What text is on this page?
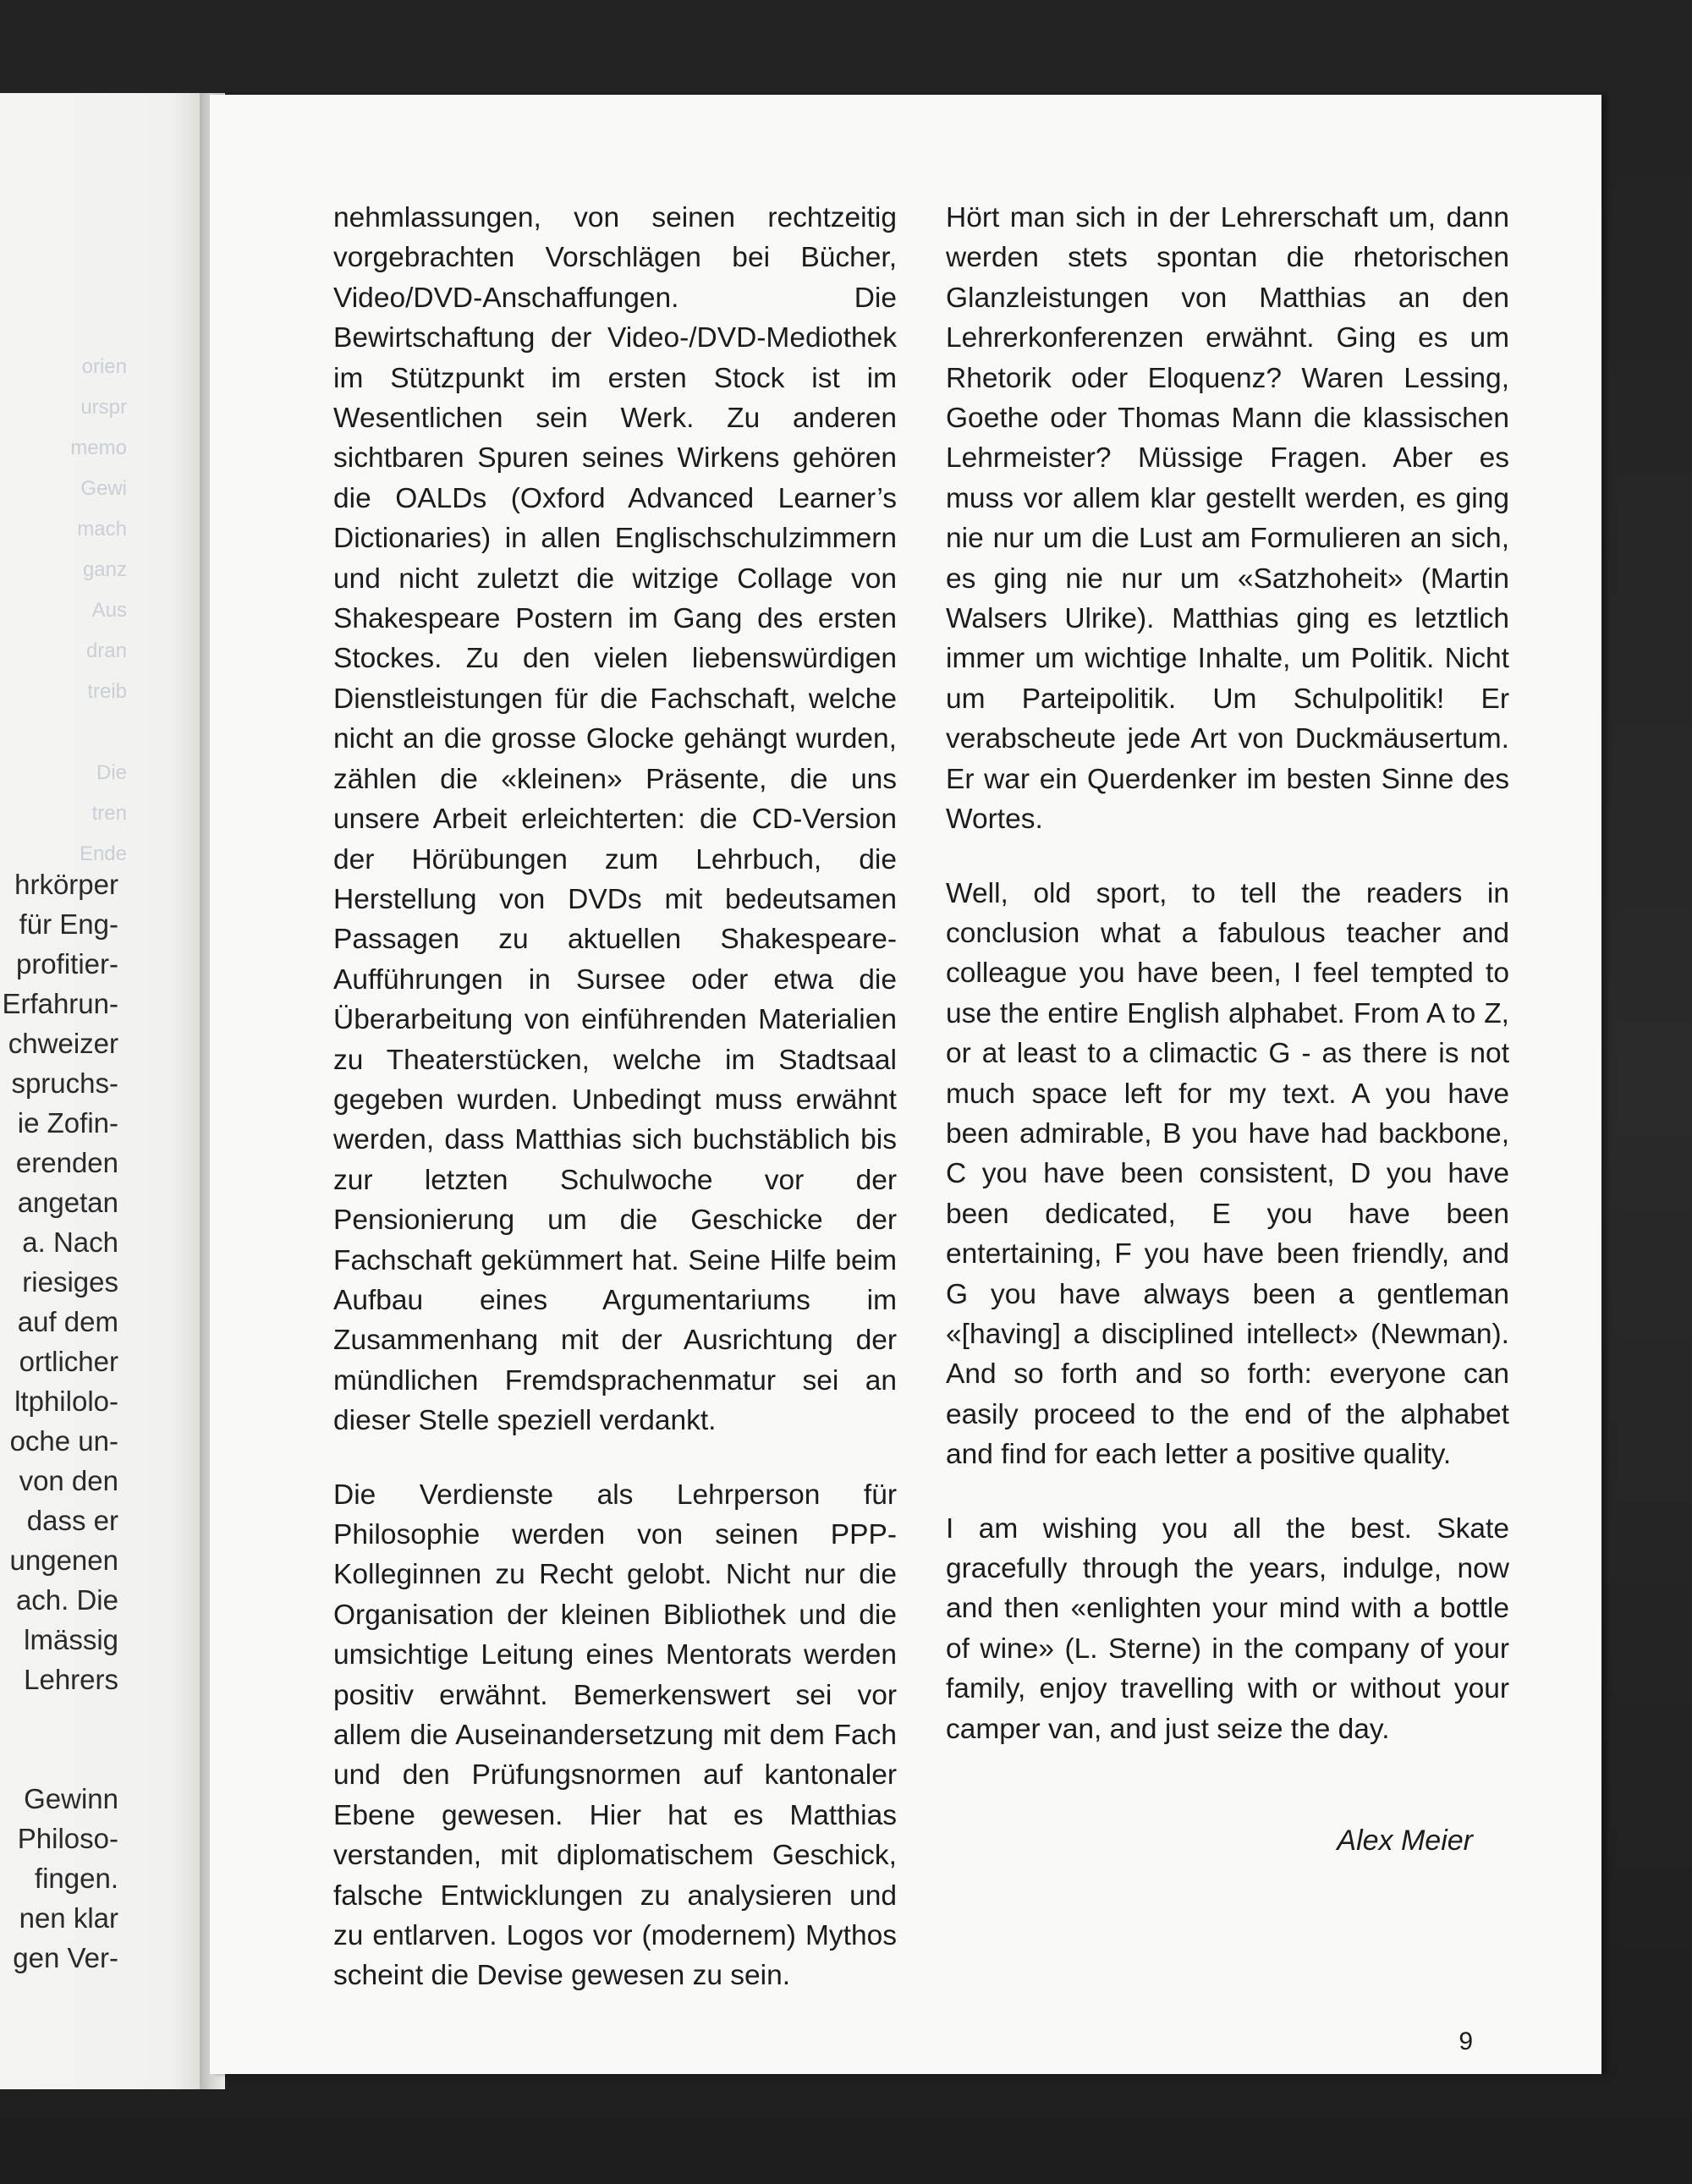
orien
urspr
memo
Gewi
mach
ganz
Aus
dran
treib

Die
tren
Ende
hrkörper
für Eng-
profitier-
Erfahrun-
chweizer
spruchs-
ie Zofin-
erenden
angetan
a. Nach
riesiges
auf dem
ortlicher
ltphilolo-
oche un-
von den
dass er
ungenen
ach. Die
lmässig
Lehrers

Gewinn
Philoso-
fingen.
nen klar
gen Ver-

nehmlassungen, von seinen rechtzeitig vorgebrachten Vorschlägen bei Bücher, Video/DVD-Anschaffungen. Die Bewirtschaftung der Video-/DVD-Mediothek im Stützpunkt im ersten Stock ist im Wesentlichen sein Werk. Zu anderen sichtbaren Spuren seines Wirkens gehören die OALDs (Oxford Advanced Learner’s Dictionaries) in allen Englischschulzimmern und nicht zuletzt die witzige Collage von Shakespeare Postern im Gang des ersten Stockes. Zu den vielen liebenswürdigen Dienstleistungen für die Fachschaft, welche nicht an die grosse Glocke gehängt wurden, zählen die «kleinen» Präsente, die uns unsere Arbeit erleichterten: die CD-Version der Hörübungen zum Lehrbuch, die Herstellung von DVDs mit bedeutsamen Passagen zu aktuellen Shakespeare-Aufführungen in Sursee oder etwa die Überarbeitung von einführenden Materialien zu Theaterstücken, welche im Stadtsaal gegeben wurden. Unbedingt muss erwähnt werden, dass Matthias sich buchstäblich bis zur letzten Schulwoche vor der Pensionierung um die Geschicke der Fachschaft gekümmert hat. Seine Hilfe beim Aufbau eines Argumentariums im Zusammenhang mit der Ausrichtung der mündlichen Fremdsprachenmatur sei an dieser Stelle speziell verdankt.

Die Verdienste als Lehrperson für Philosophie werden von seinen PPP-Kolleginnen zu Recht gelobt. Nicht nur die Organisation der kleinen Bibliothek und die umsichtige Leitung eines Mentorats werden positiv erwähnt. Bemerkenswert sei vor allem die Auseinandersetzung mit dem Fach und den Prüfungsnormen auf kantonaler Ebene gewesen. Hier hat es Matthias verstanden, mit diplomatischem Geschick, falsche Entwicklungen zu analysieren und zu entlarven. Logos vor (modernem) Mythos scheint die Devise gewesen zu sein.

Hört man sich in der Lehrerschaft um, dann werden stets spontan die rhetorischen Glanzleistungen von Matthias an den Lehrerkonferenzen erwähnt. Ging es um Rhetorik oder Eloquenz? Waren Lessing, Goethe oder Thomas Mann die klassischen Lehrmeister? Müssige Fragen. Aber es muss vor allem klar gestellt werden, es ging nie nur um die Lust am Formulieren an sich, es ging nie nur um «Satzhoheit» (Martin Walsers Ulrike). Matthias ging es letztlich immer um wichtige Inhalte, um Politik. Nicht um Parteipolitik. Um Schulpolitik! Er verabscheute jede Art von Duckmäusertum. Er war ein Querdenker im besten Sinne des Wortes.

Well, old sport, to tell the readers in conclusion what a fabulous teacher and colleague you have been, I feel tempted to use the entire English alphabet. From A to Z, or at least to a climactic G - as there is not much space left for my text. A you have been admirable, B you have had backbone, C you have been consistent, D you have been dedicated, E you have been entertaining, F you have been friendly, and G you have always been a gentleman «[having] a disciplined intellect» (Newman). And so forth and so forth: everyone can easily proceed to the end of the alphabet and find for each letter a positive quality.

I am wishing you all the best. Skate gracefully through the years, indulge, now and then «enlighten your mind with a bottle of wine» (L. Sterne) in the company of your family, enjoy travelling with or without your camper van, and just seize the day.

Alex Meier
9
